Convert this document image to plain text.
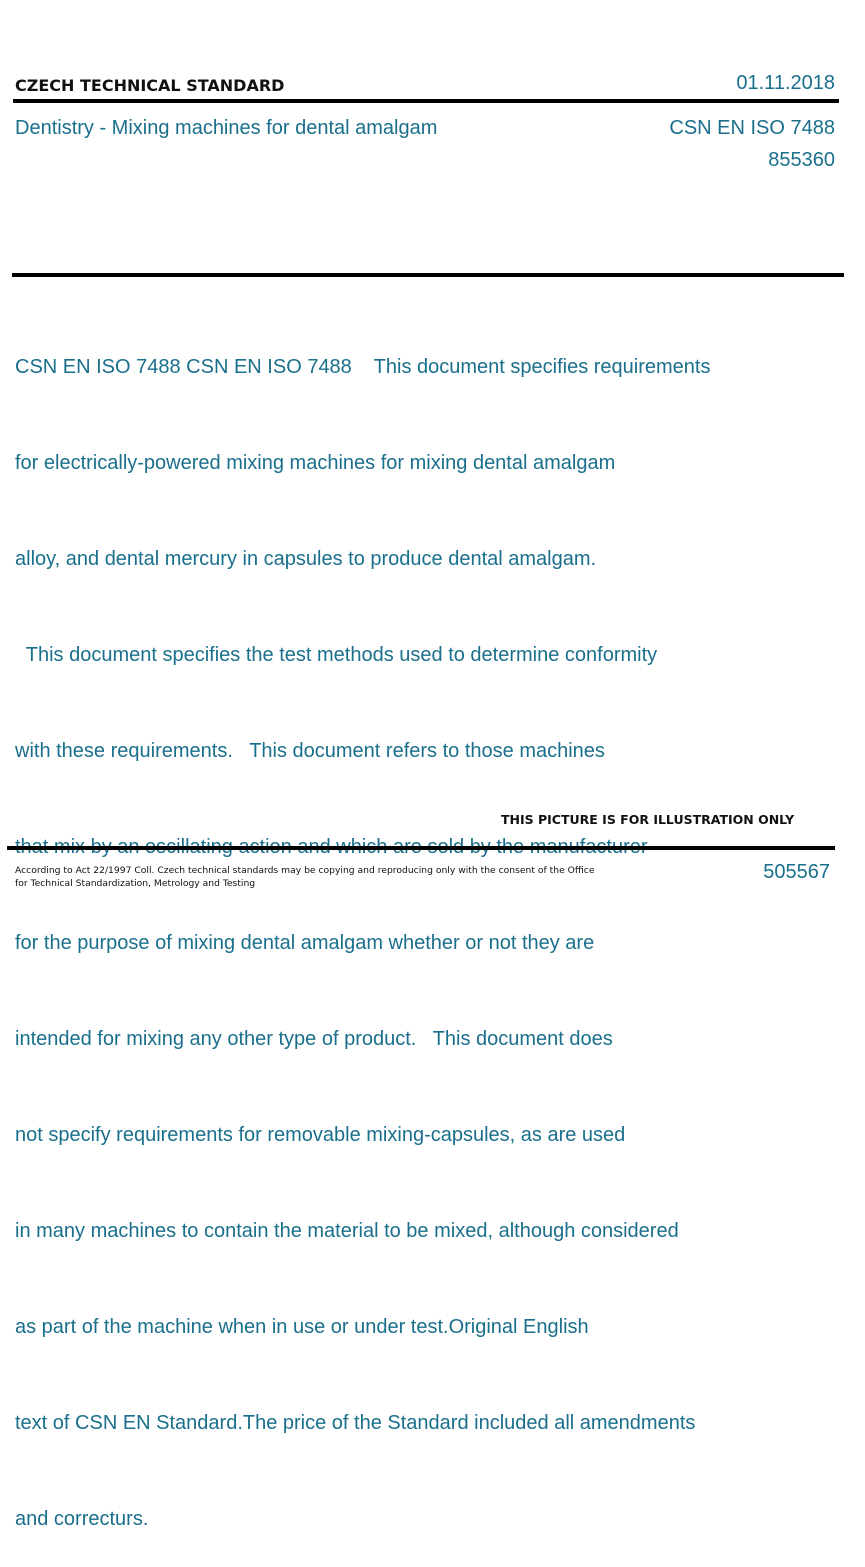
CZECH TECHNICAL STANDARD	01.11.2018
Dentistry - Mixing machines for dental amalgam	CSN EN ISO 7488
855360

CSN EN ISO 7488 CSN EN ISO 7488    This document specifies requirements

for electrically-powered mixing machines for mixing dental amalgam

alloy, and dental mercury in capsules to produce dental amalgam.

This document specifies the test methods used to determine conformity

with these requirements.   This document refers to those machines

for the purpose of mixing dental amalgam whether or not they are

intended for mixing any other type of product.   This document does

not specify requirements for removable mixing-capsules, as are used

in many machines to contain the material to be mixed, although considered

as part of the machine when in use or under test.Original English

text of CSN EN Standard.The price of the Standard included all amendments

and correcturs.

THIS PICTURE IS FOR ILLUSTRATION ONLY
According to Act 22/1997 Coll. Czech technical standards may be copying and reproducing only with the consent of the Office
for Technical Standardization, Metrology and Testing
505567
